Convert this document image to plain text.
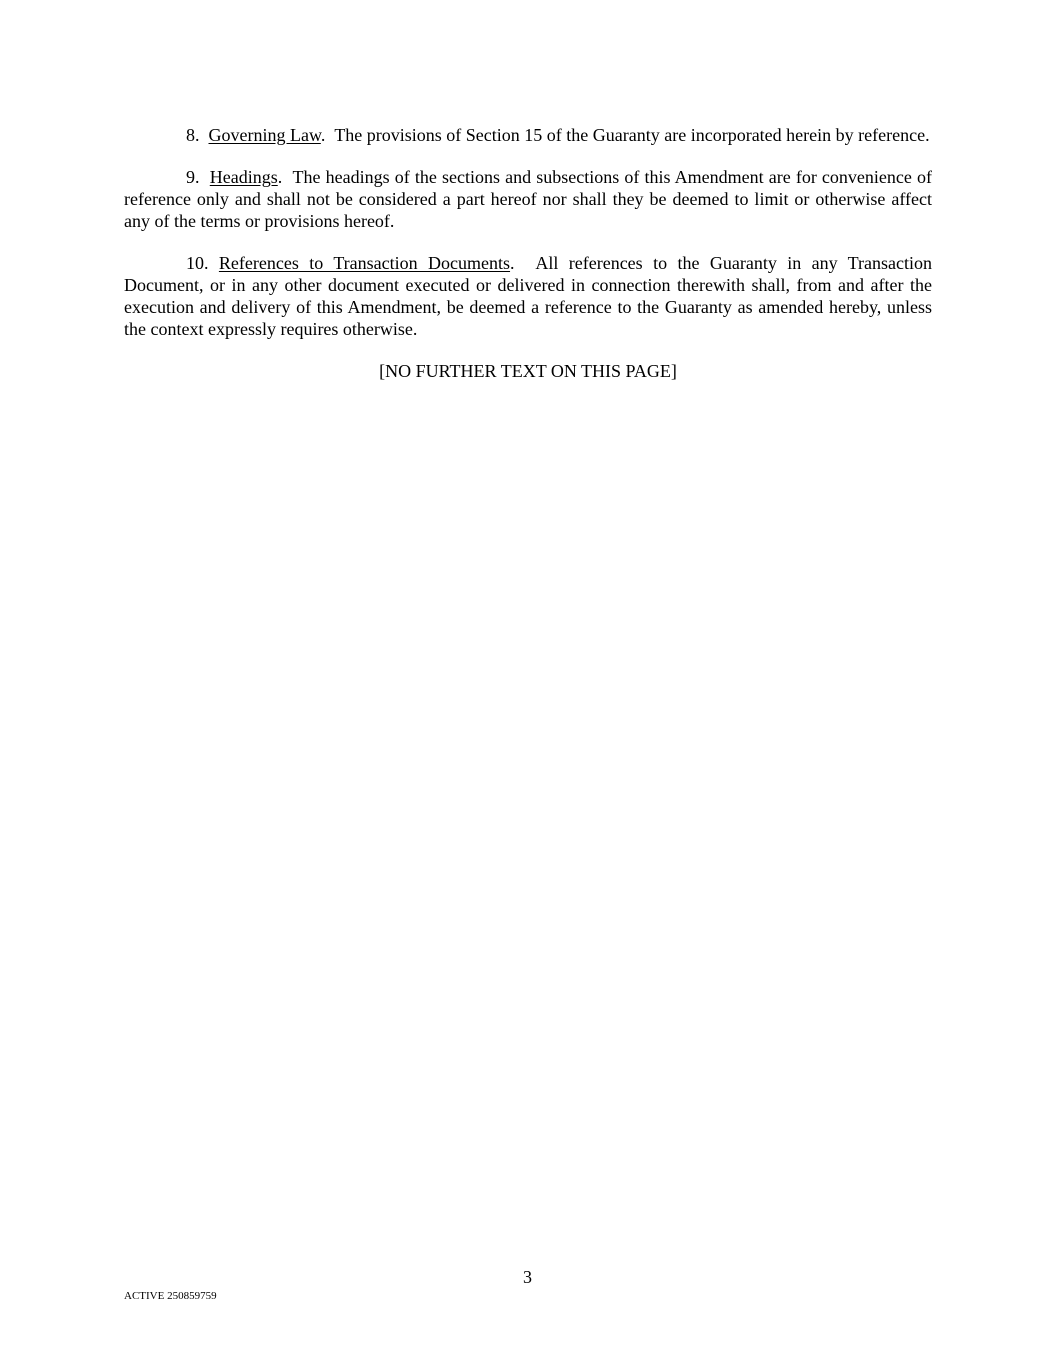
8. Governing Law. The provisions of Section 15 of the Guaranty are incorporated herein by reference.

9. Headings. The headings of the sections and subsections of this Amendment are for convenience of reference only and shall not be considered a part hereof nor shall they be deemed to limit or otherwise affect any of the terms or provisions hereof.

10. References to Transaction Documents. All references to the Guaranty in any Transaction Document, or in any other document executed or delivered in connection therewith shall, from and after the execution and delivery of this Amendment, be deemed a reference to the Guaranty as amended hereby, unless the context expressly requires otherwise.

[NO FURTHER TEXT ON THIS PAGE]

3
ACTIVE 250859759
